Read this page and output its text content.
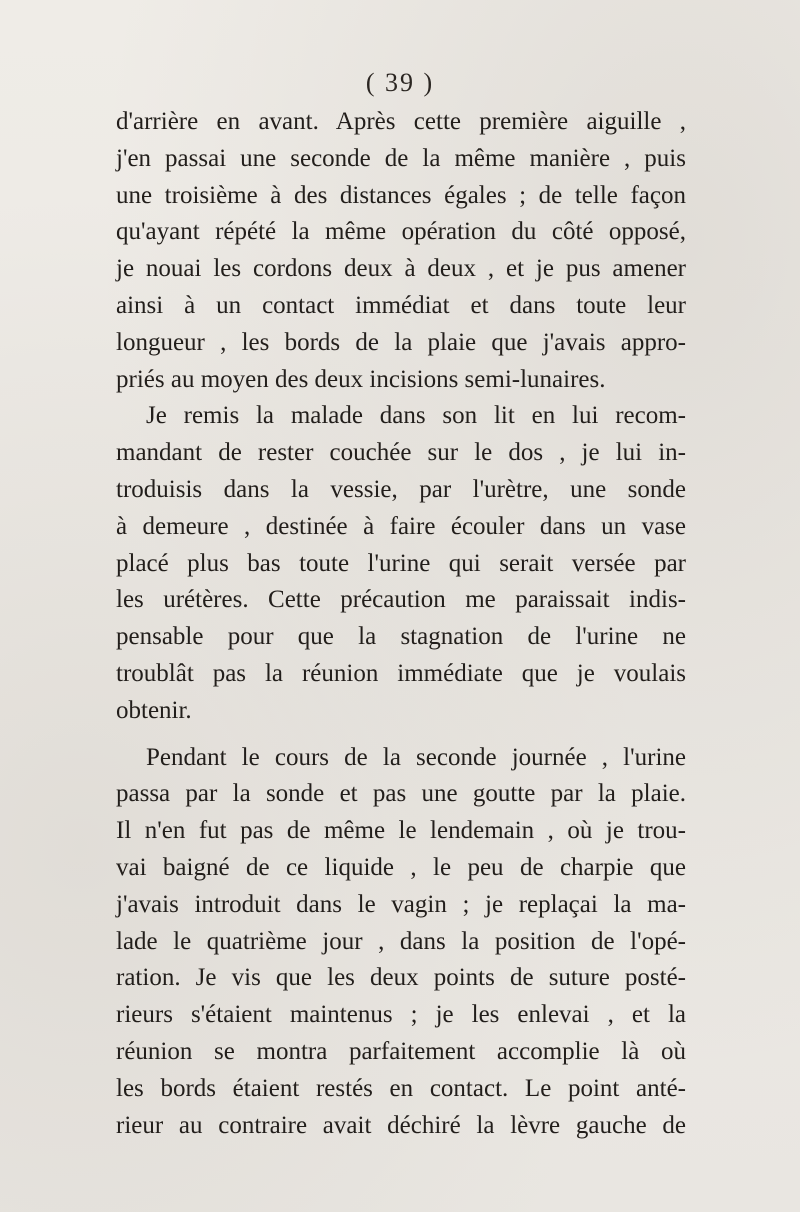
( 39 )
d'arrière en avant. Après cette première aiguille ,
j'en passai une seconde de la même manière , puis
une troisième à des distances égales ; de telle façon
qu'ayant répété la même opération du côté opposé,
je nouai les cordons deux à deux , et je pus amener
ainsi à un contact immédiat et dans toute leur
longueur , les bords de la plaie que j'avais appro-
priés au moyen des deux incisions semi-lunaires.
Je remis la malade dans son lit en lui recom-
mandant de rester couchée sur le dos , je lui in-
troduisis dans la vessie, par l'urètre, une sonde
à demeure , destinée à faire écouler dans un vase
placé plus bas toute l'urine qui serait versée par
les urétères. Cette précaution me paraissait indis-
pensable pour que la stagnation de l'urine ne
troublât pas la réunion immédiate que je voulais
obtenir.
Pendant le cours de la seconde journée , l'urine
passa par la sonde et pas une goutte par la plaie.
Il n'en fut pas de même le lendemain , où je trou-
vai baigné de ce liquide , le peu de charpie que
j'avais introduit dans le vagin ; je replaçai la ma-
lade le quatrième jour , dans la position de l'opé-
ration. Je vis que les deux points de suture posté-
rieurs s'étaient maintenus ; je les enlevai , et la
réunion se montra parfaitement accomplie là où
les bords étaient restés en contact. Le point anté-
rieur au contraire avait déchiré la lèvre gauche de
